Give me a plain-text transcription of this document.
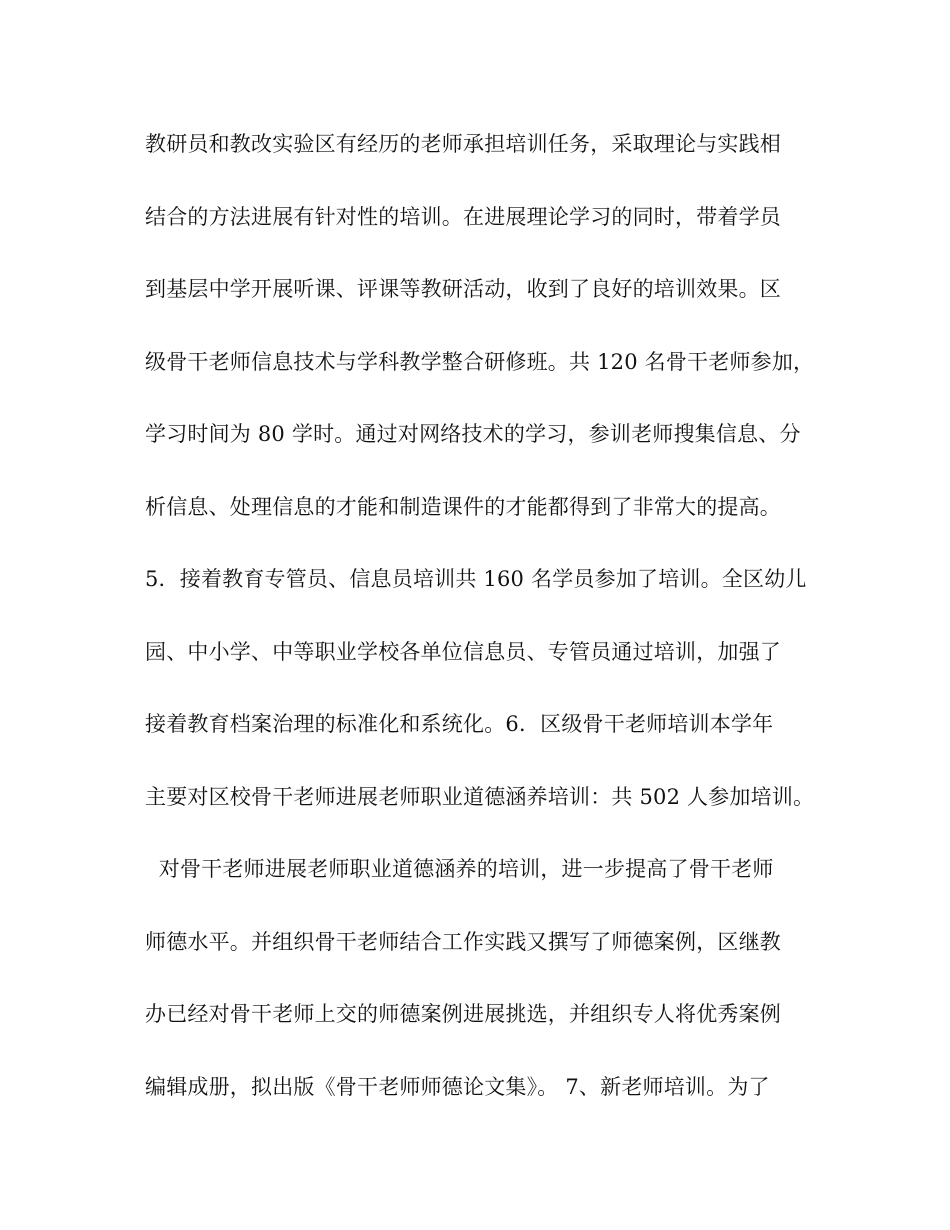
教研员和教改实验区有经历的老师承担培训任务，采取理论与实践相
结合的方法进展有针对性的培训。在进展理论学习的同时，带着学员
到基层中学开展听课、评课等教研活动，收到了良好的培训效果。区
级骨干老师信息技术与学科教学整合研修班。共 120 名骨干老师参加，
学习时间为 80 学时。通过对网络技术的学习，参训老师搜集信息、分
析信息、处理信息的才能和制造课件的才能都得到了非常大的提高。
5．接着教育专管员、信息员培训共 160 名学员参加了培训。全区幼儿
园、中小学、中等职业学校各单位信息员、专管员通过培训，加强了
接着教育档案治理的标准化和系统化。6．区级骨干老师培训本学年
主要对区校骨干老师进展老师职业道德涵养培训：共 502 人参加培训。
对骨干老师进展老师职业道德涵养的培训，进一步提高了骨干老师
师德水平。并组织骨干老师结合工作实践又撰写了师德案例，区继教
办已经对骨干老师上交的师德案例进展挑选，并组织专人将优秀案例
编辑成册，拟出版《骨干老师师德论文集》。 7、新老师培训。为了
